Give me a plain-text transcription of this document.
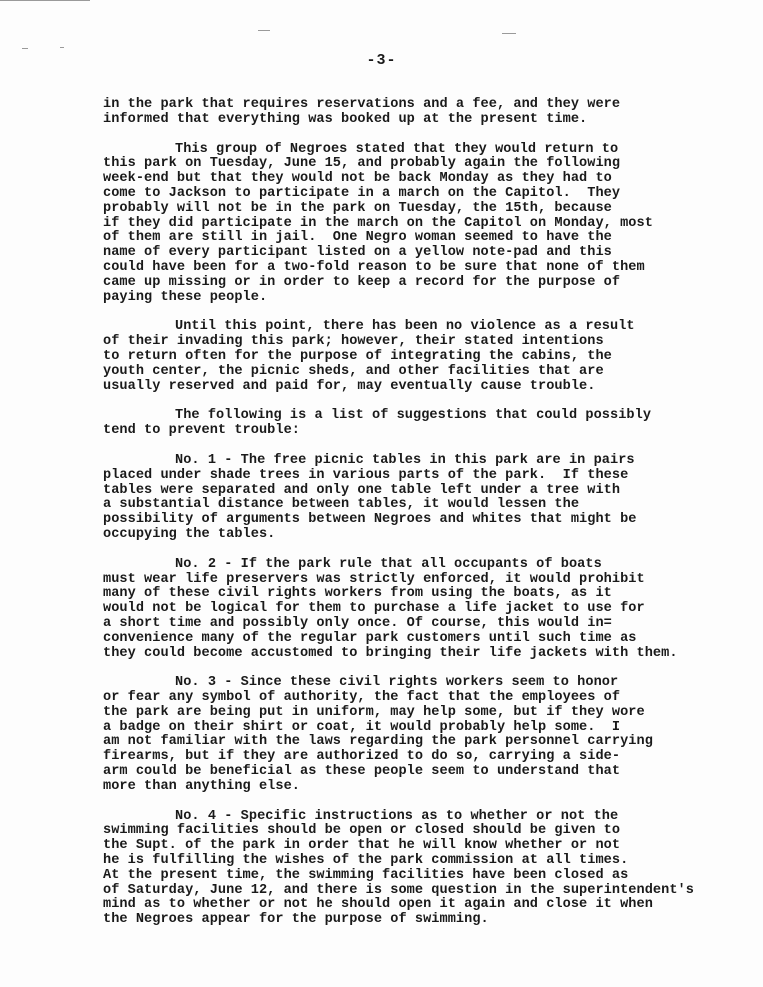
-3-
in the park that requires reservations and a fee, and they were
informed that everything was booked up at the present time.
This group of Negroes stated that they would return to
this park on Tuesday, June 15, and probably again the following
week-end but that they would not be back Monday as they had to
come to Jackson to participate in a march on the Capitol.  They
probably will not be in the park on Tuesday, the 15th, because
if they did participate in the march on the Capitol on Monday, most
of them are still in jail.  One Negro woman seemed to have the
name of every participant listed on a yellow note-pad and this
could have been for a two-fold reason to be sure that none of them
came up missing or in order to keep a record for the purpose of
paying these people.
Until this point, there has been no violence as a result
of their invading this park; however, their stated intentions
to return often for the purpose of integrating the cabins, the
youth center, the picnic sheds, and other facilities that are
usually reserved and paid for, may eventually cause trouble.
The following is a list of suggestions that could possibly
tend to prevent trouble:
No. 1 - The free picnic tables in this park are in pairs
placed under shade trees in various parts of the park.  If these
tables were separated and only one table left under a tree with
a substantial distance between tables, it would lessen the
possibility of arguments between Negroes and whites that might be
occupying the tables.
No. 2 - If the park rule that all occupants of boats
must wear life preservers was strictly enforced, it would prohibit
many of these civil rights workers from using the boats, as it
would not be logical for them to purchase a life jacket to use for
a short time and possibly only once. Of course, this would in=
convenience many of the regular park customers until such time as
they could become accustomed to bringing their life jackets with them.
No. 3 - Since these civil rights workers seem to honor
or fear any symbol of authority, the fact that the employees of
the park are being put in uniform, may help some, but if they wore
a badge on their shirt or coat, it would probably help some.  I
am not familiar with the laws regarding the park personnel carrying
firearms, but if they are authorized to do so, carrying a side-
arm could be beneficial as these people seem to understand that
more than anything else.
No. 4 - Specific instructions as to whether or not the
swimming facilities should be open or closed should be given to
the Supt. of the park in order that he will know whether or not
he is fulfilling the wishes of the park commission at all times.
At the present time, the swimming facilities have been closed as
of Saturday, June 12, and there is some question in the superintendent's
mind as to whether or not he should open it again and close it when
the Negroes appear for the purpose of swimming.
